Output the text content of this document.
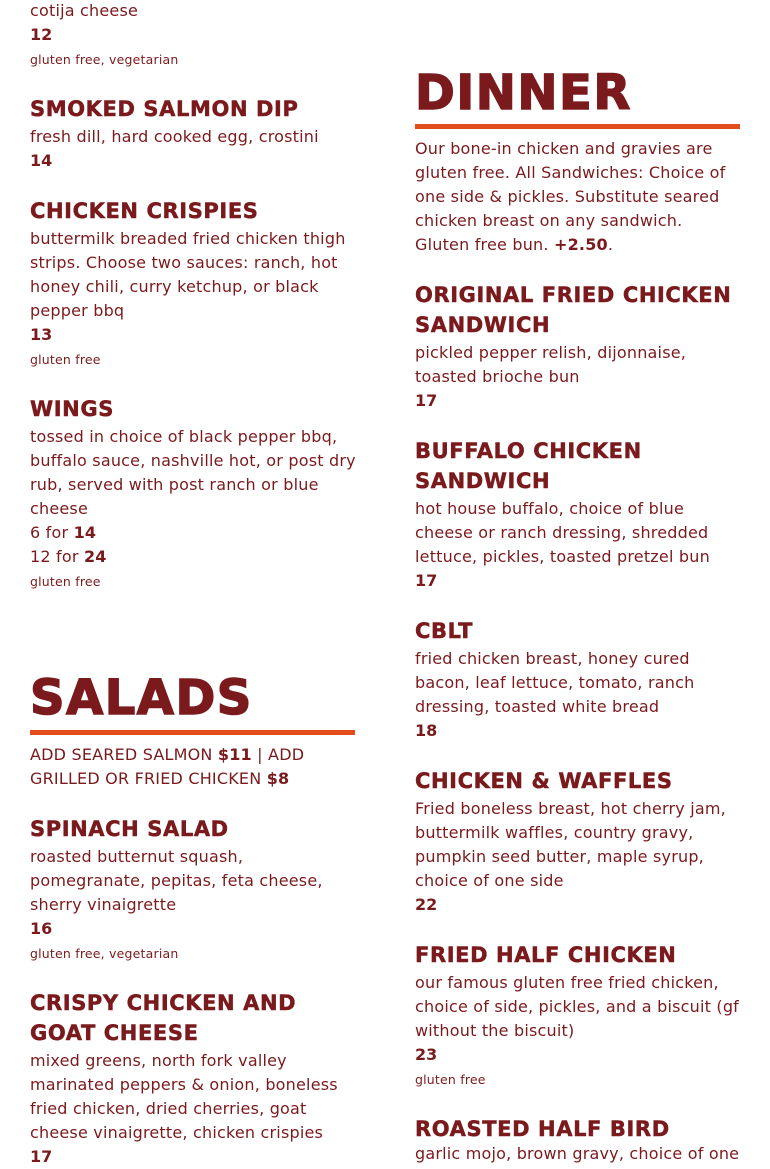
cotija cheese
12
gluten free, vegetarian
SMOKED SALMON DIP
fresh dill, hard cooked egg, crostini
14
CHICKEN CRISPIES
buttermilk breaded fried chicken thigh strips. Choose two sauces: ranch, hot honey chili, curry ketchup, or black pepper bbq
13
gluten free
WINGS
tossed in choice of black pepper bbq, buffalo sauce, nashville hot, or post dry rub, served with post ranch or blue cheese
6 for 14
12 for 24
gluten free
SALADS
ADD SEARED SALMON $11 | ADD GRILLED OR FRIED CHICKEN $8
SPINACH SALAD
roasted butternut squash, pomegranate, pepitas, feta cheese, sherry vinaigrette
16
gluten free, vegetarian
CRISPY CHICKEN AND GOAT CHEESE
mixed greens, north fork valley marinated peppers & onion, boneless fried chicken, dried cherries, goat cheese vinaigrette, chicken crispies
17
DINNER
Our bone-in chicken and gravies are gluten free. All Sandwiches: Choice of one side & pickles. Substitute seared chicken breast on any sandwich. Gluten free bun. +2.50.
ORIGINAL FRIED CHICKEN SANDWICH
pickled pepper relish, dijonnaise, toasted brioche bun
17
BUFFALO CHICKEN SANDWICH
hot house buffalo, choice of blue cheese or ranch dressing, shredded lettuce, pickles, toasted pretzel bun
17
CBLT
fried chicken breast, honey cured bacon, leaf lettuce, tomato, ranch dressing, toasted white bread
18
CHICKEN & WAFFLES
Fried boneless breast, hot cherry jam, buttermilk waffles, country gravy, pumpkin seed butter, maple syrup, choice of one side
22
FRIED HALF CHICKEN
our famous gluten free fried chicken, choice of side, pickles, and a biscuit (gf without the biscuit)
23
gluten free
ROASTED HALF BIRD
garlic mojo, brown gravy, choice of one
